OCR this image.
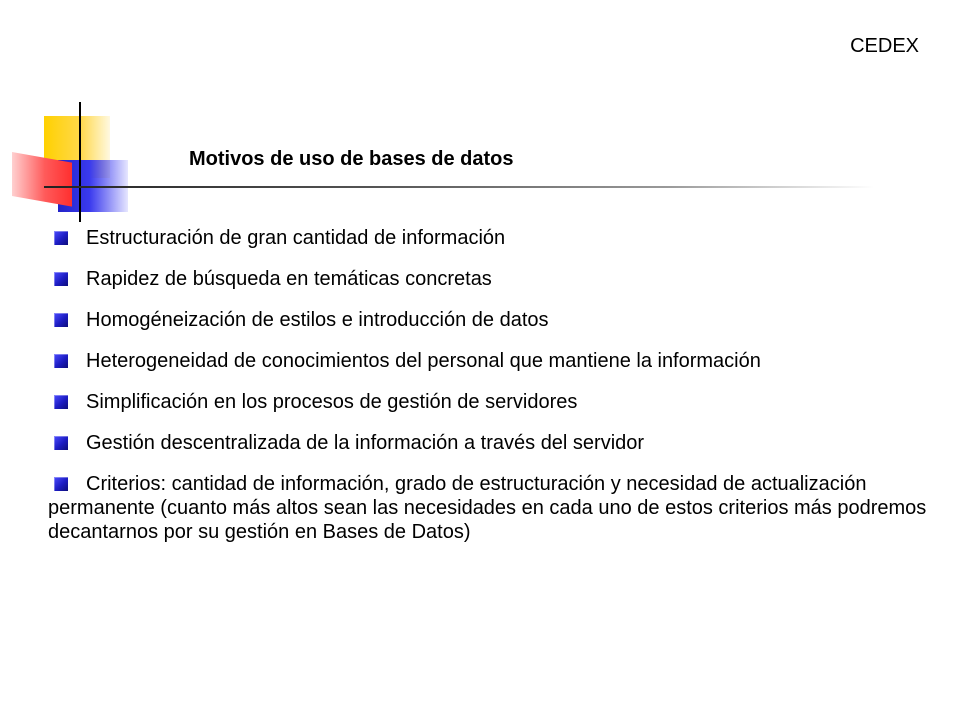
CEDEX
Motivos de uso de bases de datos
Estructuración de gran cantidad de información
Rapidez de búsqueda en temáticas concretas
Homogéneización de estilos e introducción de datos
Heterogeneidad de conocimientos del personal que mantiene la información
Simplificación en los procesos de gestión de servidores
Gestión descentralizada de la información a través del servidor
Criterios: cantidad de información, grado de estructuración y necesidad de actualización permanente (cuanto más altos sean las necesidades en cada uno de estos criterios más podremos decantarnos por su gestión en Bases de Datos)
